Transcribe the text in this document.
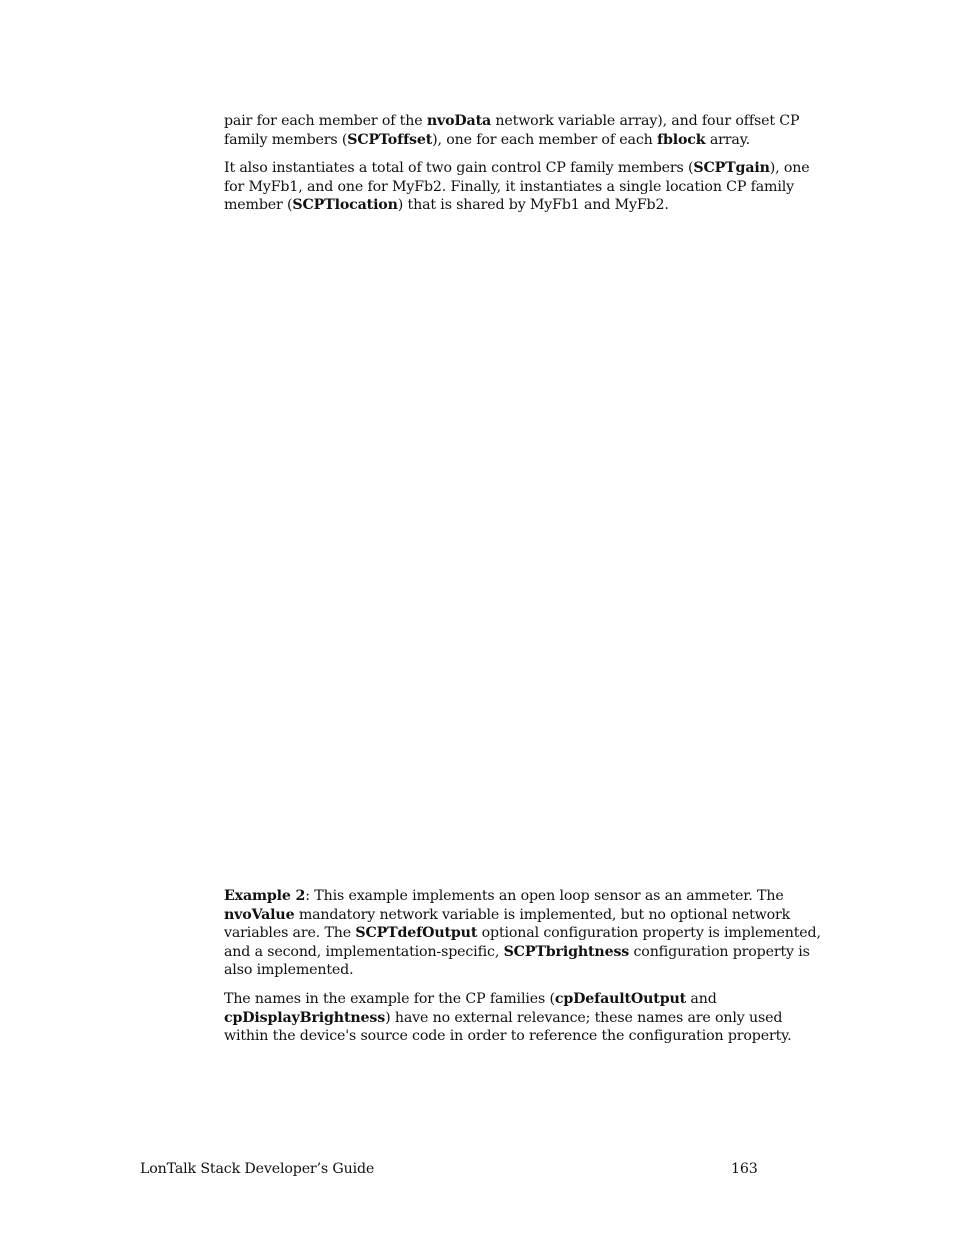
pair for each member of the nvoData network variable array), and four offset CP family members (SCPToffset), one for each member of each fblock array.

It also instantiates a total of two gain control CP family members (SCPTgain), one for MyFb1, and one for MyFb2. Finally, it instantiates a single location CP family member (SCPTlocation) that is shared by MyFb1 and MyFb2.

Example 2: This example implements an open loop sensor as an ammeter. The nvoValue mandatory network variable is implemented, but no optional network variables are. The SCPTdefOutput optional configuration property is implemented, and a second, implementation-specific, SCPTbrightness configuration property is also implemented.

The names in the example for the CP families (cpDefaultOutput and cpDisplayBrightness) have no external relevance; these names are only used within the device's source code in order to reference the configuration property.

LonTalk Stack Developer’s Guide	163
